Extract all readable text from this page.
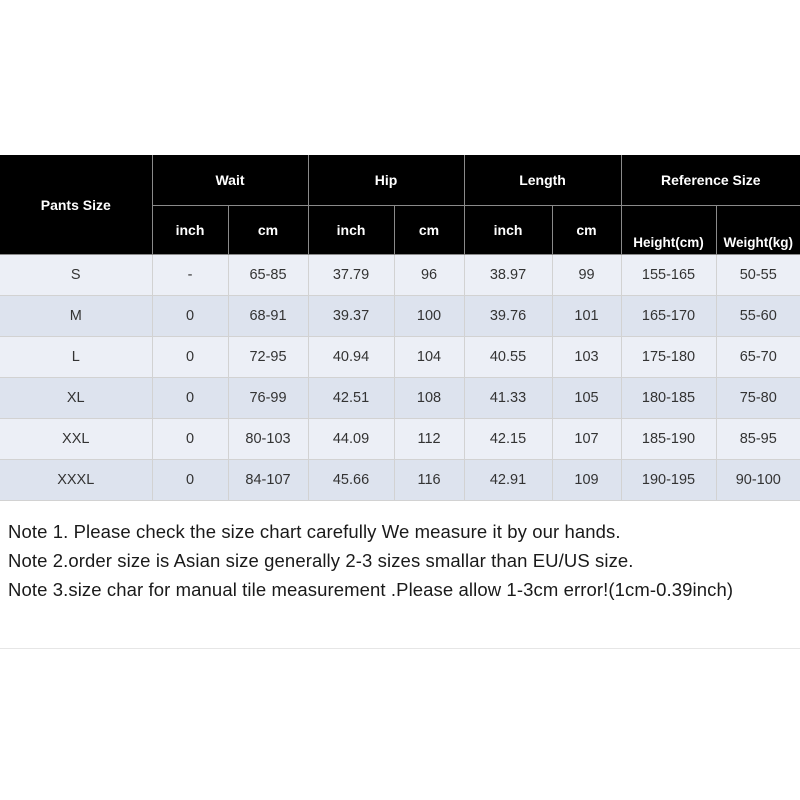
Pants Size	Wait		Hip		Length		Reference Size	
	inch	cm	inch	cm	inch	cm	Height(cm)	Weight(kg)
S	-	65-85	37.79	96	38.97	99	155-165	50-55
M	0	68-91	39.37	100	39.76	101	165-170	55-60
L	0	72-95	40.94	104	40.55	103	175-180	65-70
XL	0	76-99	42.51	108	41.33	105	180-185	75-80
XXL	0	80-103	44.09	112	42.15	107	185-190	85-95
XXXL	0	84-107	45.66	116	42.91	109	190-195	90-100

Note 1. Please check the size chart carefully We measure it by our hands.

Note 2.order size is Asian size generally 2-3 sizes smallar than EU/US size.

Note 3.size char for manual tile measurement .Please allow 1-3cm error!(1cm-0.39inch)
